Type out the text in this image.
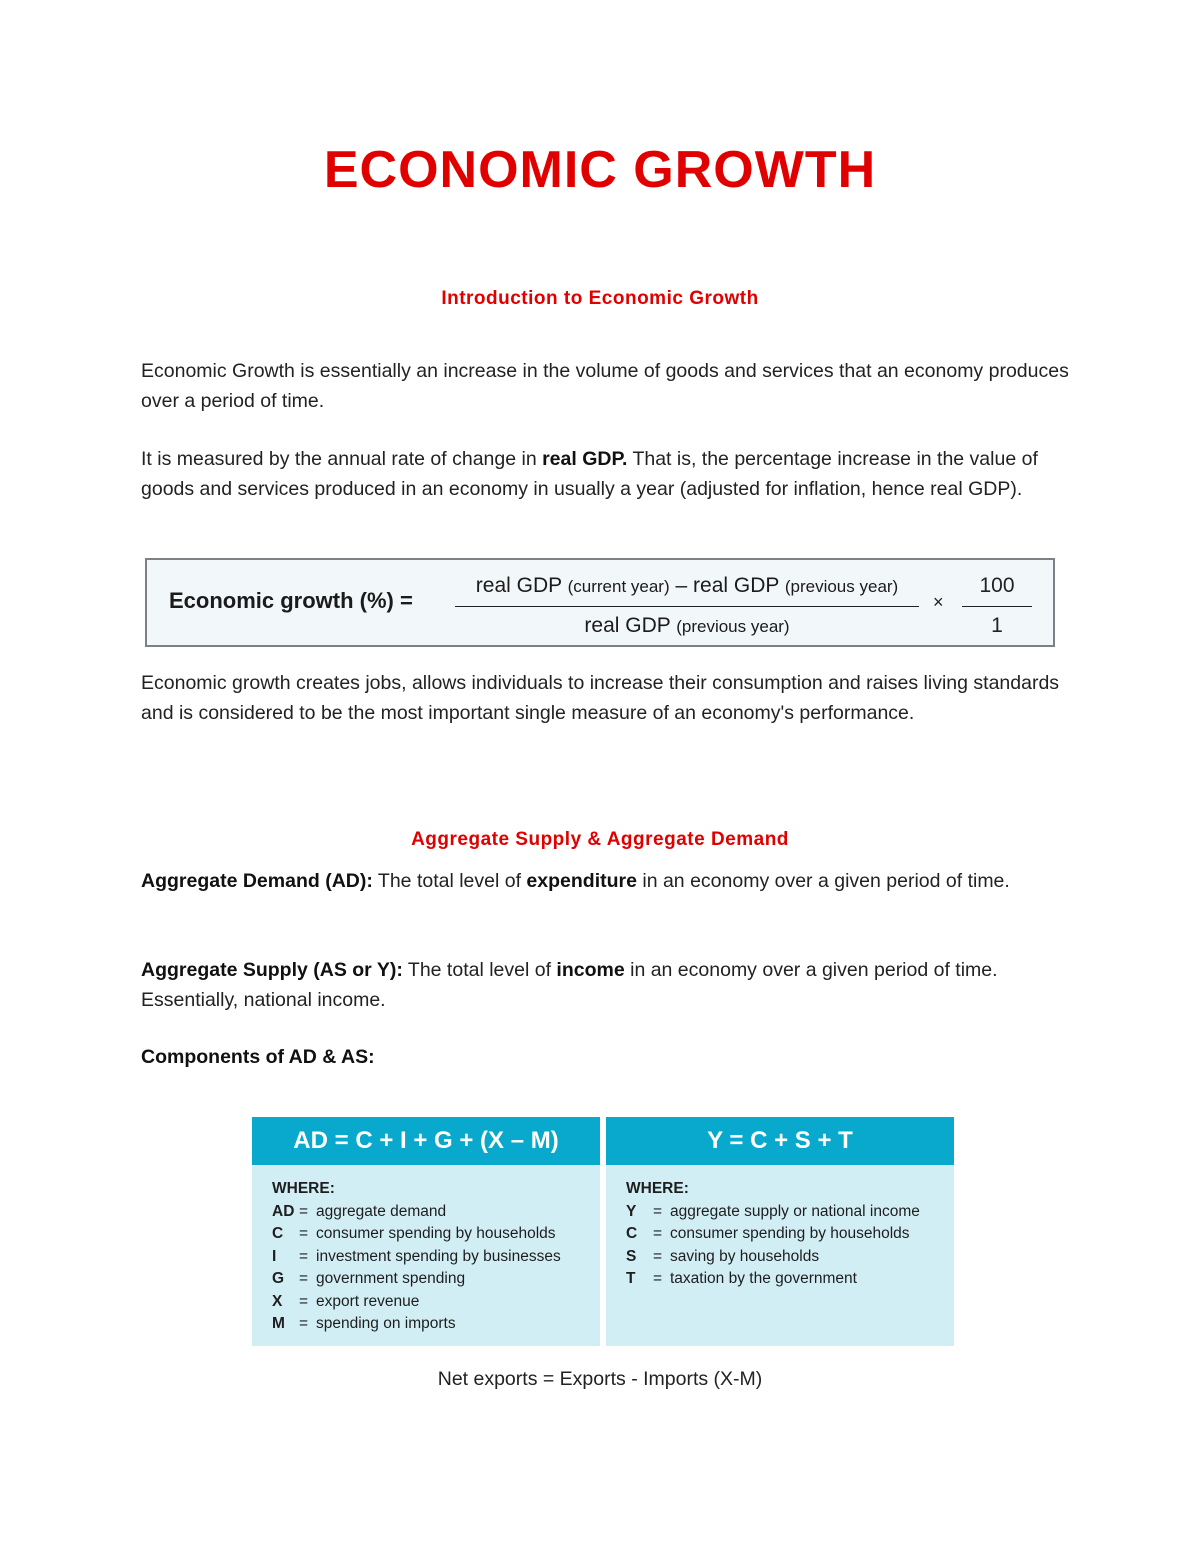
ECONOMIC GROWTH
Introduction to Economic Growth
Economic Growth is essentially an increase in the volume of goods and services that an economy produces over a period of time.
It is measured by the annual rate of change in real GDP. That is, the percentage increase in the value of goods and services produced in an economy in usually a year (adjusted for inflation, hence real GDP).
Economic growth (%) =
real GDP (current year) – real GDP (previous year)
real GDP (previous year)
×
100
1
Economic growth creates jobs, allows individuals to increase their consumption and raises living standards and is considered to be the most important single measure of an economy's performance.
Aggregate Supply & Aggregate Demand
Aggregate Demand (AD): The total level of expenditure in an economy over a given period of time.
Aggregate Supply (AS or Y): The total level of income in an economy over a given period of time. Essentially, national income.
Components of AD & AS:
AD = C + I + G + (X – M)
WHERE:
AD = aggregate demand
C	= consumer spending by households
I	= investment spending by businesses
G = government spending
X	= export revenue
M = spending on imports
Y = C + S + T
WHERE:
Y	= aggregate supply or national income
C	= consumer spending by households
S	= saving by households
T	= taxation by the government
Net exports = Exports - Imports (X-M)
